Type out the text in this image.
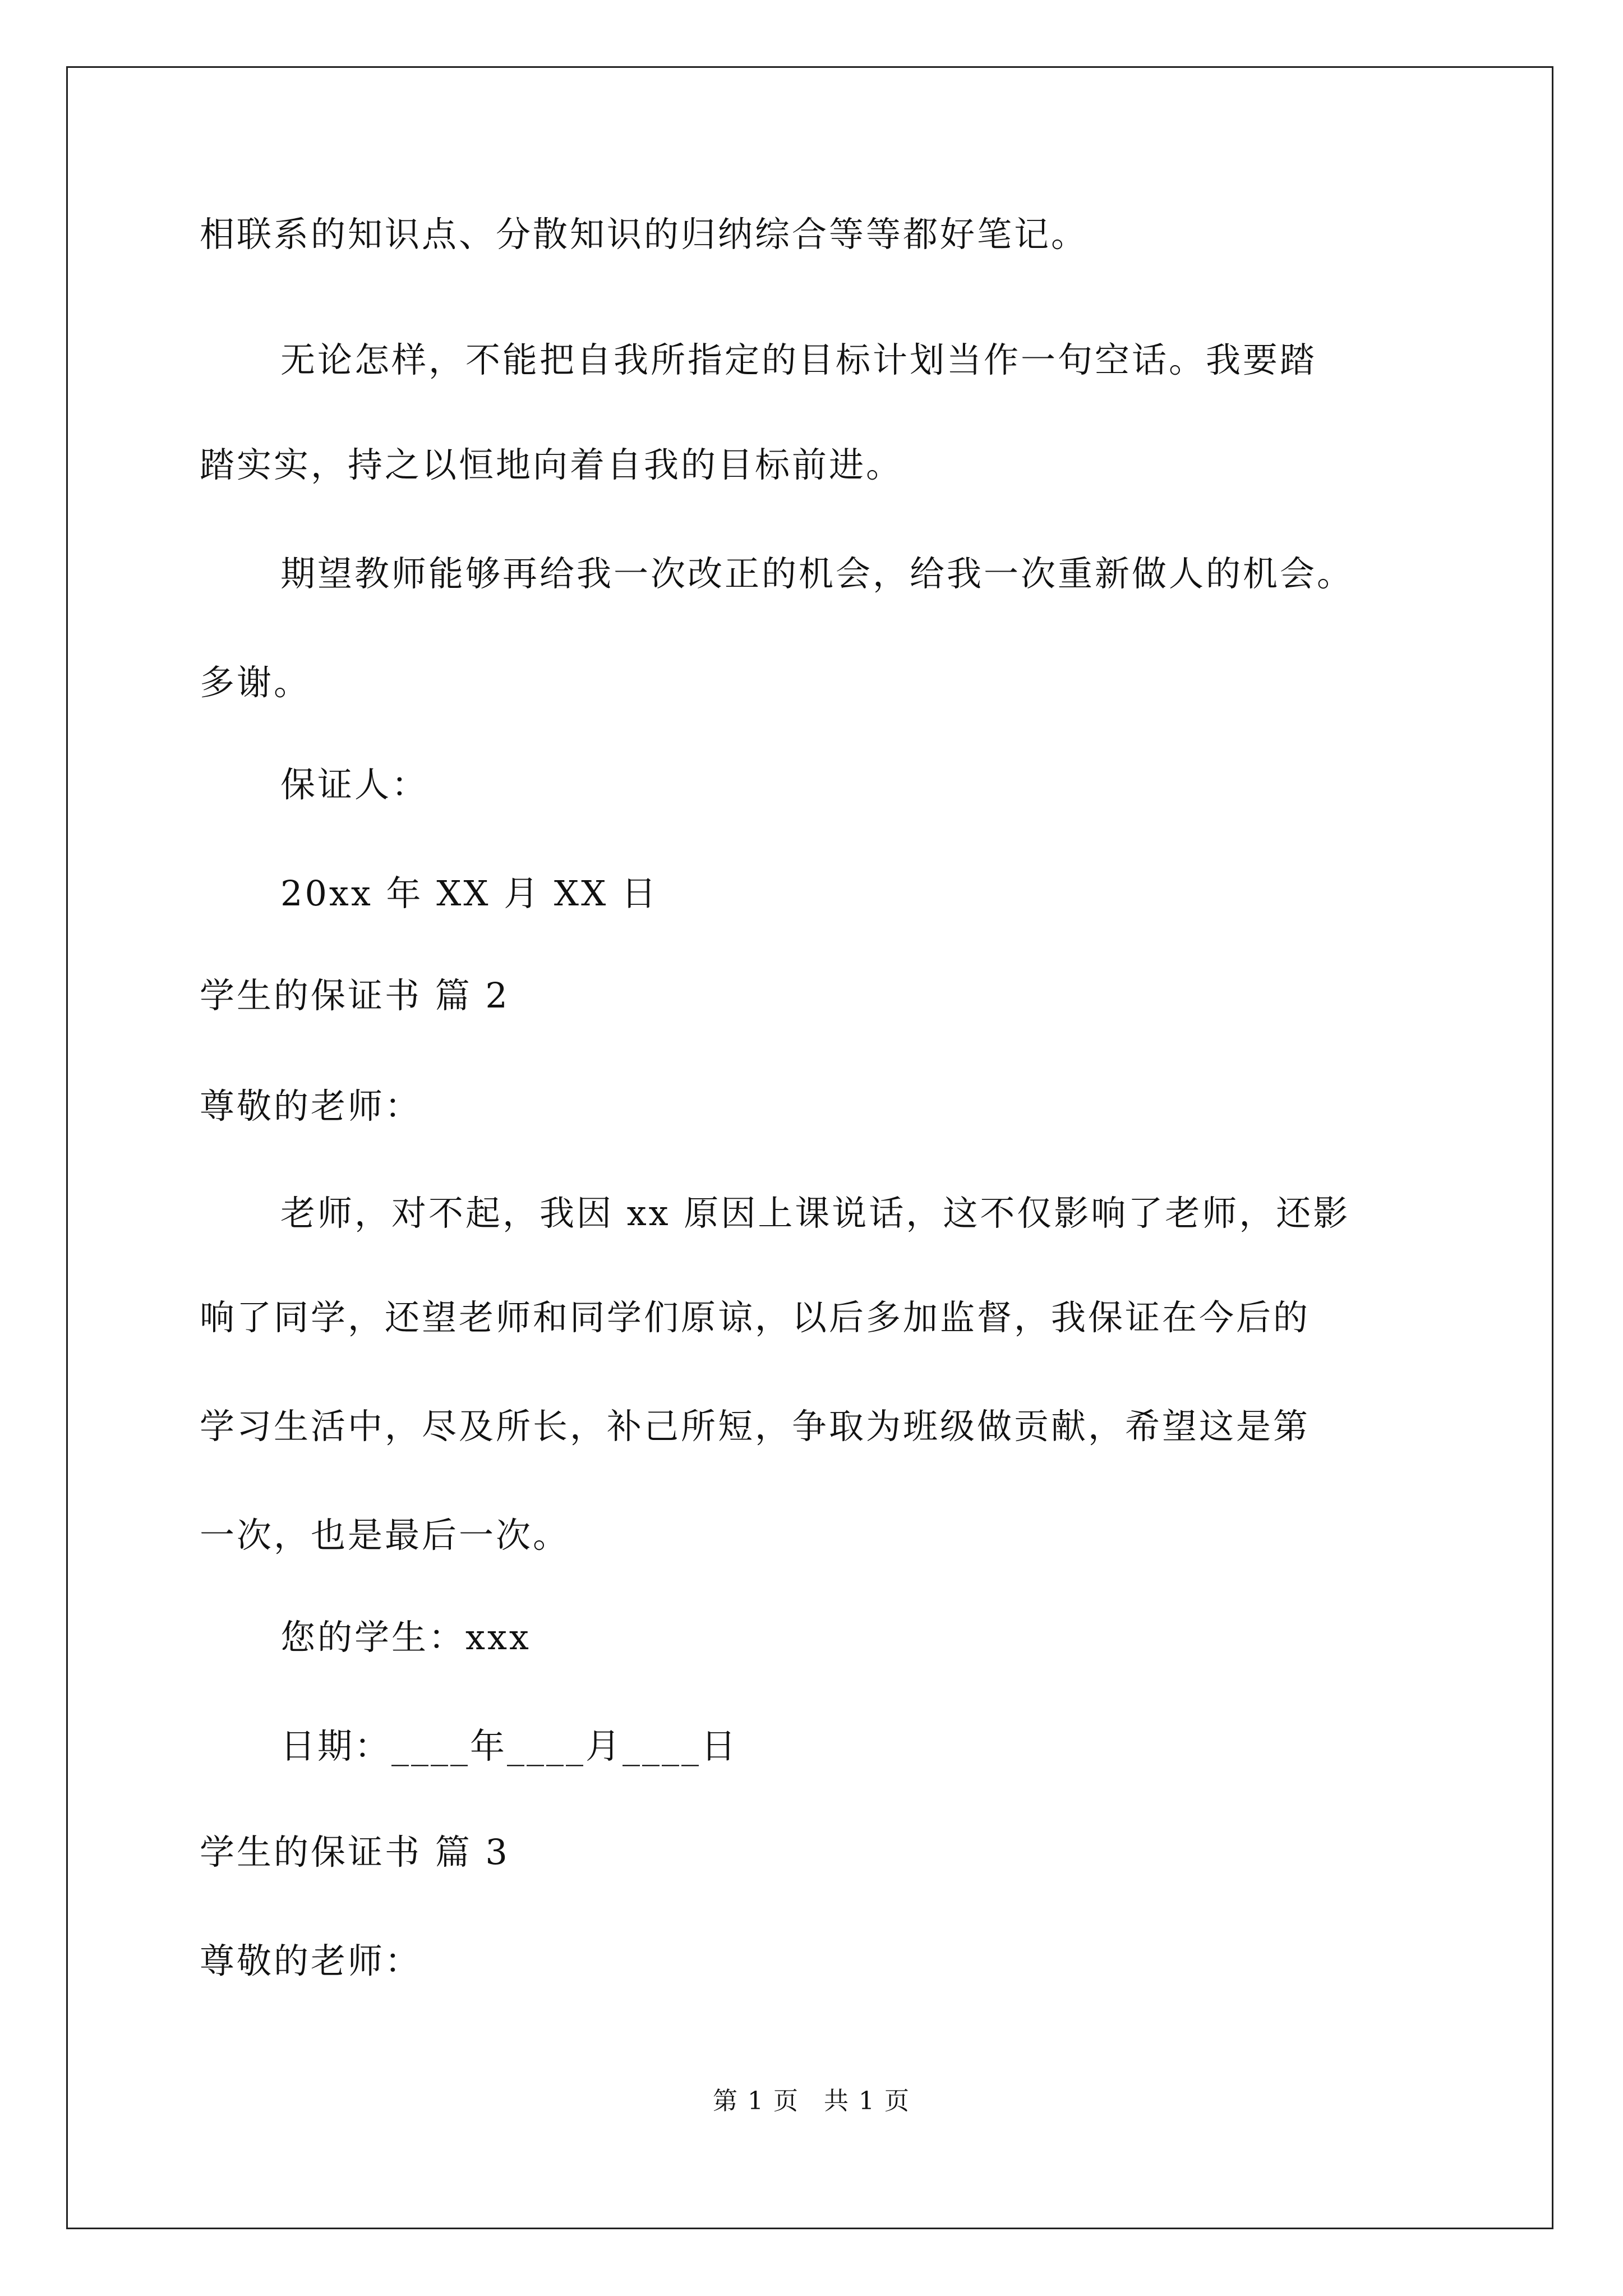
相联系的知识点、分散知识的归纳综合等等都好笔记。
无论怎样，不能把自我所指定的目标计划当作一句空话。我要踏
踏实实，持之以恒地向着自我的目标前进。
期望教师能够再给我一次改正的机会，给我一次重新做人的机会。
多谢。
保证人：
20xx 年 XX 月 XX 日
学生的保证书 篇 2
尊敬的老师：
老师，对不起，我因 xx 原因上课说话，这不仅影响了老师，还影
响了同学，还望老师和同学们原谅，以后多加监督，我保证在今后的
学习生活中，尽及所长，补己所短，争取为班级做贡献，希望这是第
一次，也是最后一次。
您的学生：xxx
日期：____年____月____日
学生的保证书 篇 3
尊敬的老师：
第 1 页 共 1 页
